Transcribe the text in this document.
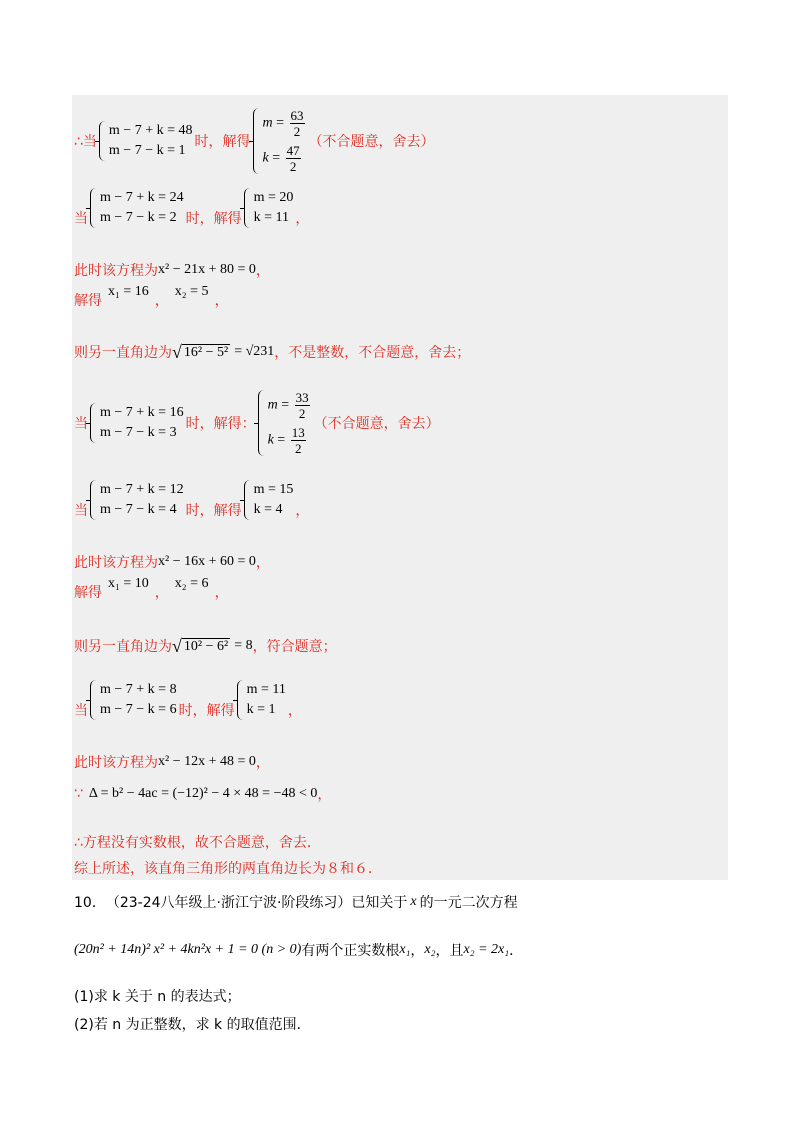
∴当
m − 7 + k = 48
m − 7 − k = 1
时，解得
$m = \frac{63}{2}$
$k = \frac{47}{2}$
（不合题意，舍去）
当
m − 7 + k = 24
m − 7 − k = 2 时，解得
m = 20
k = 11 ，
此时该方程为 x² − 21x + 80 = 0 ，
解得
x₁ = 16
，
x₂ = 5
，
则另一直角边为 √ 16² − 5² = √231 ，不是整数，不合题意，舍去；
当
m − 7 + k = 16
m − 7 − k = 3
时，解得：
$m = \frac{33}{2}$
$k = \frac{13}{2}$
（不合题意，舍去）
当
m − 7 + k = 12
m − 7 − k = 4 时，解得
m = 15
k = 4 ，
此时该方程为 x² − 16x + 60 = 0 ，
解得
x₁ = 10
，
x₂ = 6
，
则另一直角边为 √ 10² − 6² = 8 ，符合题意；
当
m − 7 + k = 8
m − 7 − k = 6 时，解得
m = 11
k = 1 ，
此时该方程为 x² − 12x + 48 = 0 ，
∵ Δ = b² − 4ac = (−12)² − 4 × 48 = −48 < 0 ，
∴方程没有实数根，故不合题意，舍去．
综上所述，该直角三角形的两直角边长为８和６．
10． （23-24八年级上·浙江宁波·阶段练习）已知关于 x 的一元二次方程
(20n² + 14n)² x² + 4kn²x + 1 = 0 (n > 0) 有两个正实数根 x₁ ， x₂ ，且 x₂ = 2x₁ ．
(1)求 k 关于 n 的表达式；
(2)若 n 为正整数，求 k 的取值范围．
